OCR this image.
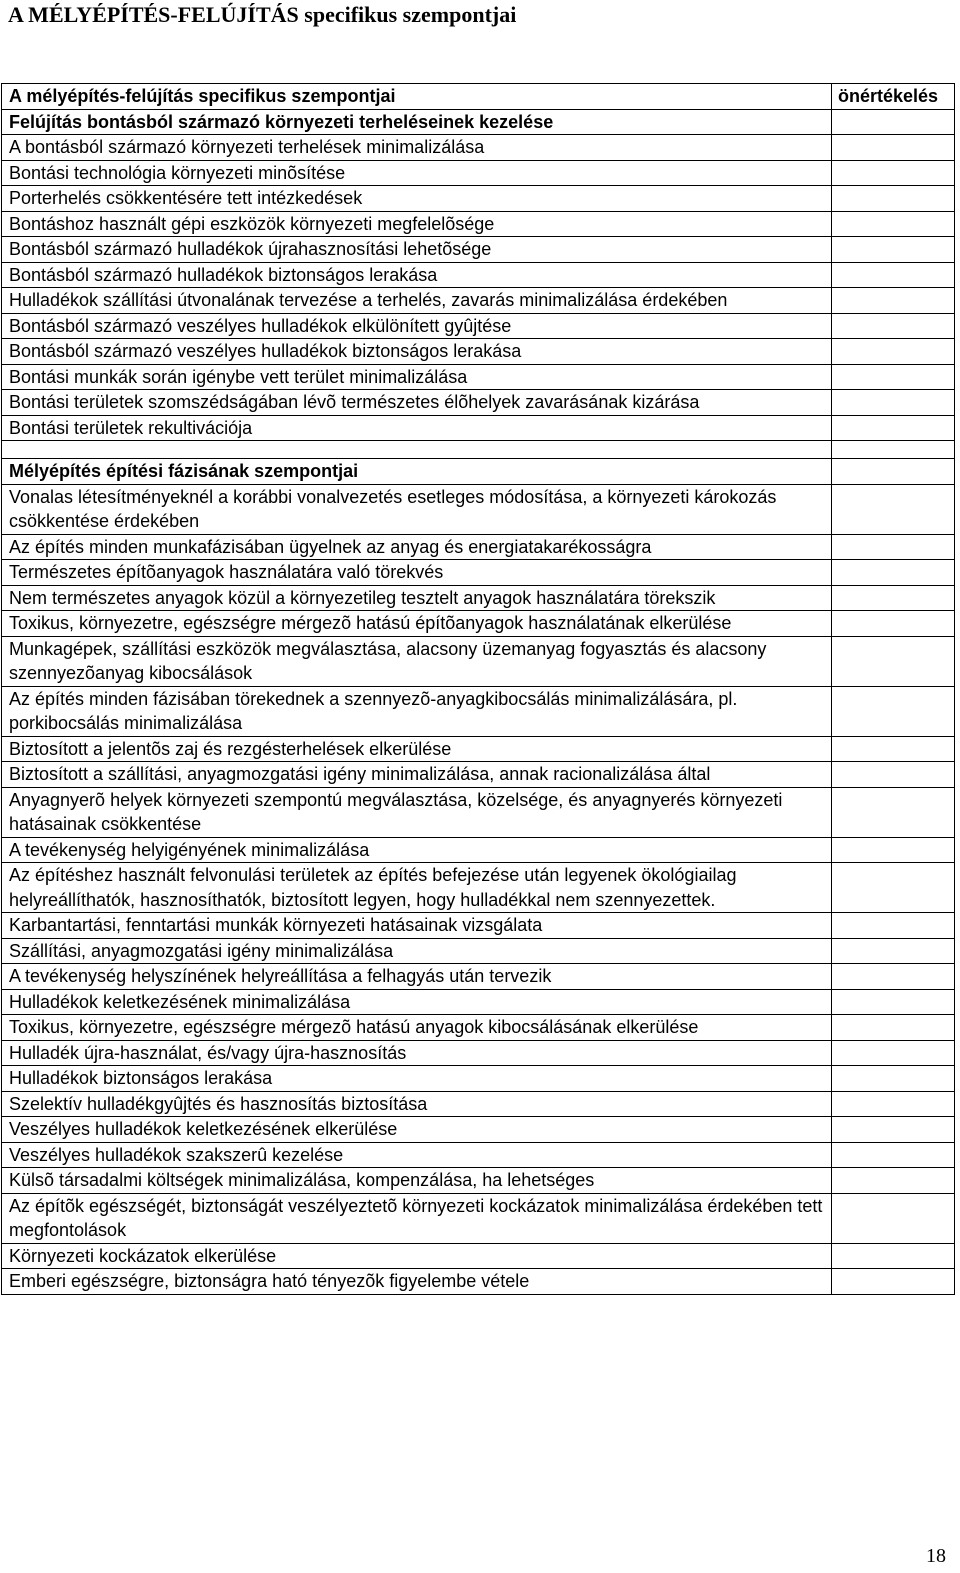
A MÉLYÉPÍTÉS-FELÚJÍTÁS specifikus szempontjai
A mélyépítés-felújítás specifikus szempontjai	önértékelés
Felújítás bontásból származó környezeti terheléseinek kezelése	
A bontásból származó környezeti terhelések minimalizálása	
Bontási technológia környezeti minõsítése	
Porterhelés csökkentésére tett intézkedések	
Bontáshoz használt gépi eszközök környezeti megfelelõsége	
Bontásból származó hulladékok újrahasznosítási lehetõsége	
Bontásból származó hulladékok biztonságos lerakása	
Hulladékok szállítási útvonalának tervezése a terhelés, zavarás minimalizálása érdekében	
Bontásból származó veszélyes hulladékok elkülönített gyûjtése	
Bontásból származó veszélyes hulladékok biztonságos lerakása	
Bontási munkák során igénybe vett terület minimalizálása	
Bontási területek szomszédságában lévõ természetes élõhelyek zavarásának kizárása	
Bontási területek rekultivációja	

Mélyépítés építési fázisának szempontjai	
Vonalas létesítményeknél a korábbi vonalvezetés esetleges módosítása, a környezeti károkozás csökkentése érdekében	
Az építés minden munkafázisában ügyelnek az anyag és energiatakarékosságra	
Természetes építõanyagok használatára való törekvés	
Nem természetes anyagok közül a környezetileg tesztelt anyagok használatára törekszik	
Toxikus, környezetre, egészségre mérgezõ hatású építõanyagok használatának elkerülése	
Munkagépek, szállítási eszközök megválasztása, alacsony üzemanyag fogyasztás és alacsony szennyezõanyag kibocsálások	
Az építés minden fázisában törekednek a szennyezõ-anyagkibocsálás minimalizálására, pl. porkibocsálás minimalizálása	
Biztosított a jelentõs zaj és rezgésterhelések elkerülése	
Biztosított a szállítási, anyagmozgatási igény minimalizálása, annak racionalizálása által	
Anyagnyerõ helyek környezeti szempontú megválasztása, közelsége, és anyagnyerés környezeti hatásainak csökkentése	
A tevékenység helyigényének minimalizálása	
Az építéshez használt felvonulási területek az építés befejezése után legyenek ökológiailag helyreállíthatók, hasznosíthatók, biztosított legyen, hogy hulladékkal nem szennyezettek.	
Karbantartási, fenntartási munkák környezeti hatásainak vizsgálata	
Szállítási, anyagmozgatási igény minimalizálása	
A tevékenység helyszínének helyreállítása a felhagyás után tervezik	
Hulladékok keletkezésének minimalizálása	
Toxikus, környezetre, egészségre mérgezõ hatású anyagok kibocsálásának elkerülése	
Hulladék újra-használat, és/vagy újra-hasznosítás	
Hulladékok biztonságos lerakása	
Szelektív hulladékgyûjtés és hasznosítás biztosítása	
Veszélyes hulladékok keletkezésének elkerülése	
Veszélyes hulladékok szakszerû kezelése	
Külsõ társadalmi költségek minimalizálása, kompenzálása, ha lehetséges	
Az építõk egészségét, biztonságát veszélyeztetõ környezeti kockázatok minimalizálása érdekében tett megfontolások	
Környezeti kockázatok elkerülése	
Emberi egészségre, biztonságra ható tényezõk figyelembe vétele	
18
